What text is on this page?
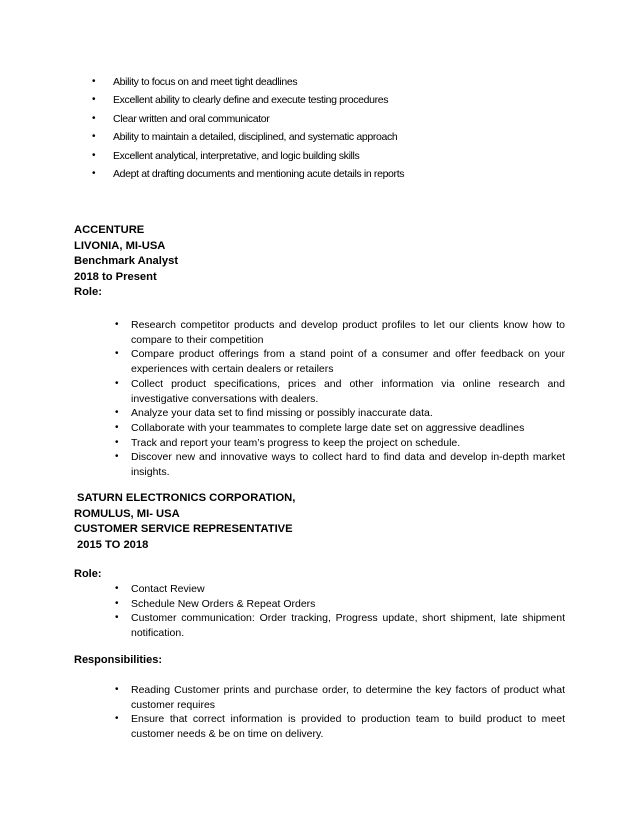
• Ability to focus on and meet tight deadlines
• Excellent ability to clearly define and execute testing procedures
• Clear written and oral communicator
• Ability to maintain a detailed, disciplined, and systematic approach
• Excellent analytical, interpretative, and logic building skills
• Adept at drafting documents and mentioning acute details in reports
ACCENTURE
LIVONIA, MI-USA
Benchmark Analyst
2018 to Present
Role:
• Research competitor products and develop product profiles to let our clients know how to compare to their competition
• Compare product offerings from a stand point of a consumer and offer feedback on your experiences with certain dealers or retailers
• Collect product specifications, prices and other information via online research and investigative conversations with dealers.
• Analyze your data set to find missing or possibly inaccurate data.
• Collaborate with your teammates to complete large date set on aggressive deadlines
• Track and report your team’s progress to keep the project on schedule.
• Discover new and innovative ways to collect hard to find data and develop in-depth market insights.
SATURN ELECTRONICS CORPORATION,
ROMULUS, MI- USA
CUSTOMER SERVICE REPRESENTATIVE
2015 TO 2018
Role:
• Contact Review
• Schedule New Orders & Repeat Orders
• Customer communication: Order tracking, Progress update, short shipment, late shipment notification.
Responsibilities:
• Reading Customer prints and purchase order, to determine the key factors of product what customer requires
• Ensure that correct information is provided to production team to build product to meet customer needs & be on time on delivery.
